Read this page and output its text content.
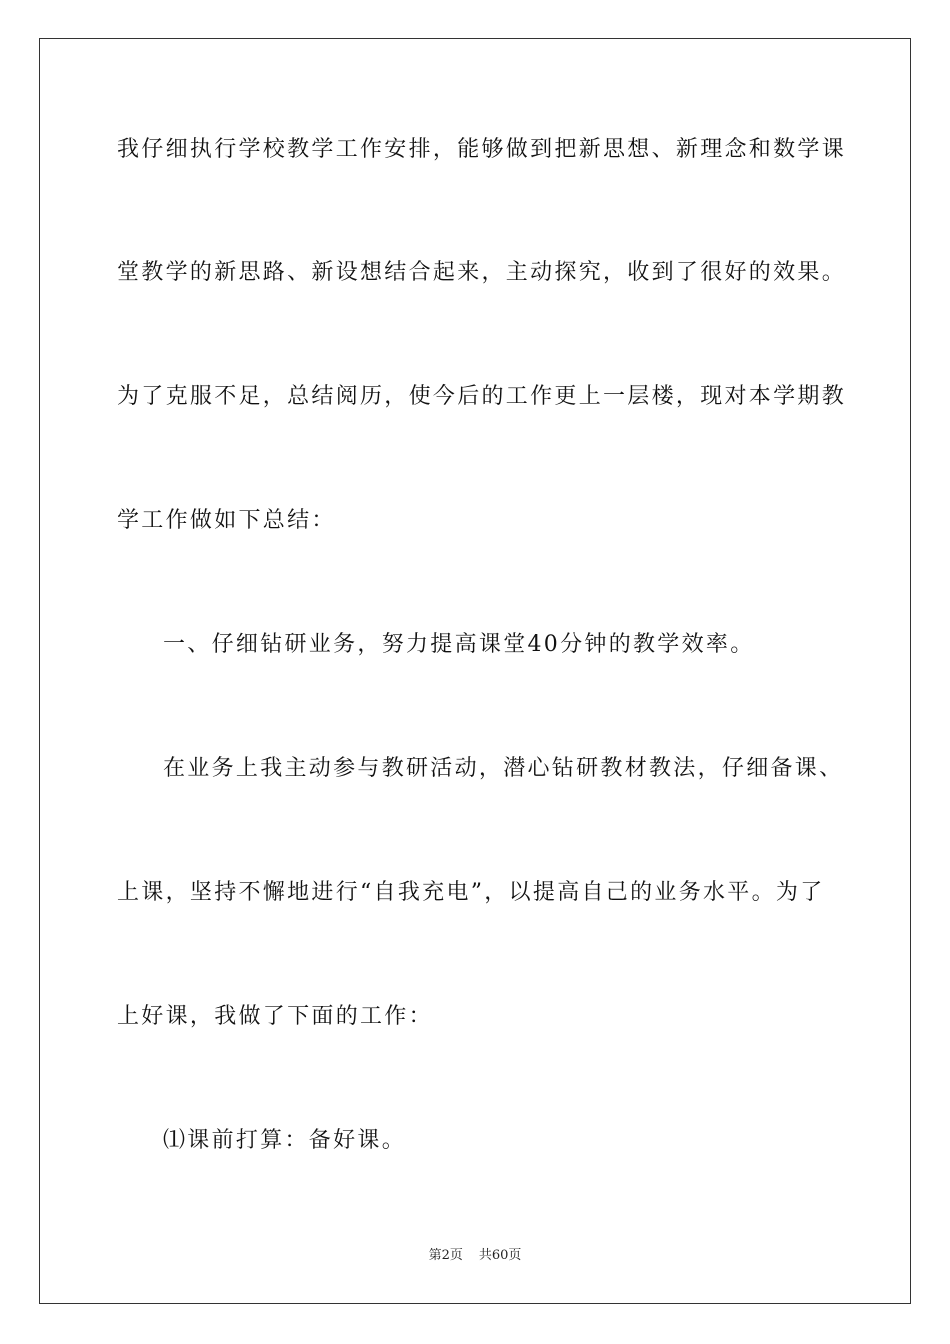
我仔细执行学校教学工作安排，能够做到把新思想、新理念和数学课
堂教学的新思路、新设想结合起来，主动探究，收到了很好的效果。
为了克服不足，总结阅历，使今后的工作更上一层楼，现对本学期教
学工作做如下总结：
一、仔细钻研业务，努力提高课堂40分钟的教学效率。
在业务上我主动参与教研活动，潜心钻研教材教法，仔细备课、
上课，坚持不懈地进行“自我充电”，以提高自己的业务水平。为了
上好课，我做了下面的工作：
⑴课前打算：备好课。
第2页 共60页
